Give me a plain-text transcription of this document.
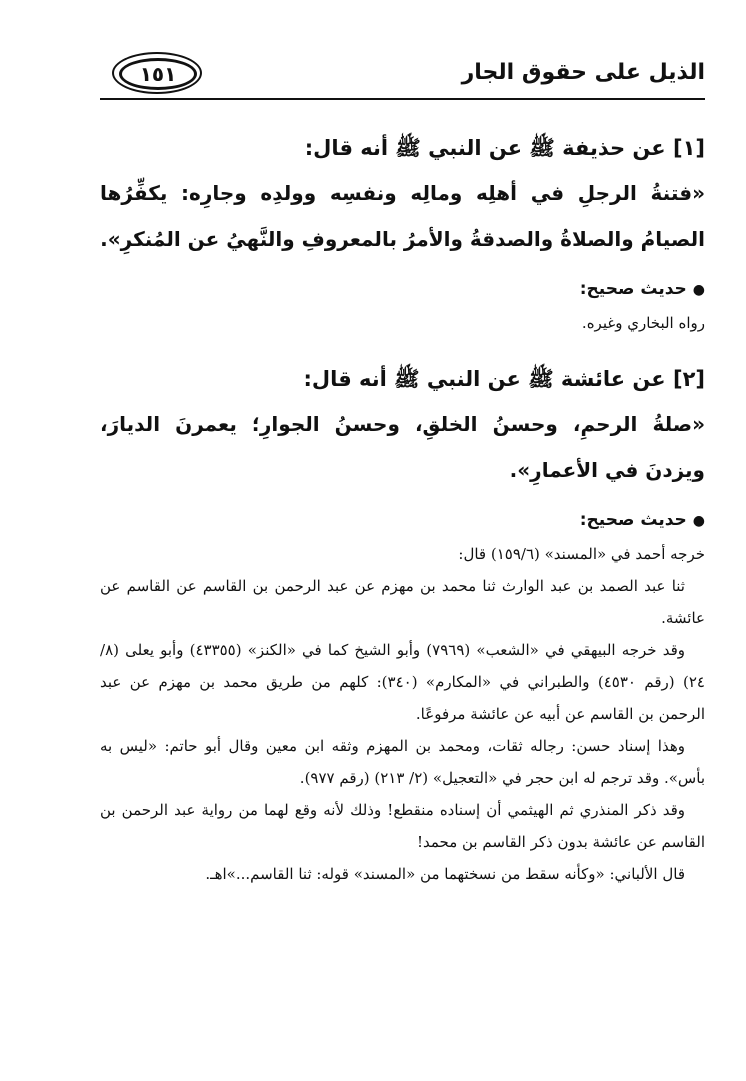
الذيل على حقوق الجار
١٥١
[١] عن حذيفة ﷺ عن النبي ﷺ أنه قال:
«فتنةُ الرجلِ في أهلِه ومالِه ونفسِه وولدِه وجارِه: يكفِّرُها الصيامُ والصلاةُ والصدقةُ والأمرُ بالمعروفِ والنَّهيُ عن المُنكرِ».
●حديث صحيح:
رواه البخاري وغيره.
[٢] عن عائشة ﷺ عن النبي ﷺ أنه قال:
«صلةُ الرحمِ، وحسنُ الخلقِ، وحسنُ الجوارِ؛ يعمرنَ الديارَ، ويزدنَ في الأعمارِ».
●حديث صحيح:
خرجه أحمد في «المسند» (١٥٩/٦) قال:
ثنا عبد الصمد بن عبد الوارث ثنا محمد بن مهزم عن عبد الرحمن بن القاسم عن القاسم عن عائشة.
وقد خرجه البيهقي في «الشعب» (٧٩٦٩) وأبو الشيخ كما في «الكنز» (٤٣٣٥٥) وأبو يعلى (٨/ ٢٤) (رقم ٤٥٣٠) والطبراني في «المكارم» (٣٤٠): كلهم من طريق محمد بن مهزم عن عبد الرحمن بن القاسم عن أبيه عن عائشة مرفوعًا.
وهذا إسناد حسن: رجاله ثقات، ومحمد بن المهزم وثقه ابن معين وقال أبو حاتم: «ليس به بأس». وقد ترجم له ابن حجر في «التعجيل» (٢/ ٢١٣) (رقم ٩٧٧).
وقد ذكر المنذري ثم الهيثمي أن إسناده منقطع! وذلك لأنه وقع لهما من رواية عبد الرحمن بن القاسم عن عائشة بدون ذكر القاسم بن محمد!
قال الألباني: «وكأنه سقط من نسختهما من «المسند» قوله: ثنا القاسم...»اهـ.
